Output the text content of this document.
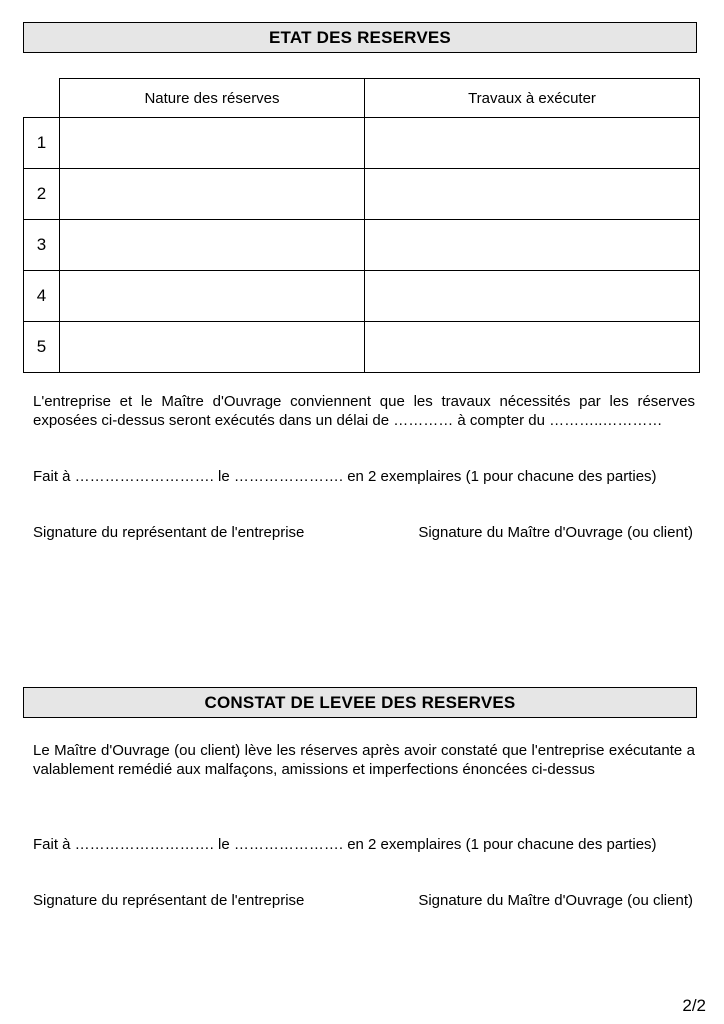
ETAT DES RESERVES
	Nature des réserves	Travaux à exécuter
1		
2		
3		
4		
5		
L'entreprise et le Maître d'Ouvrage conviennent que les travaux nécessités par les réserves exposées ci-dessus seront exécutés dans un délai de ………… à compter du ………..…………
Fait à ………………………. le …………………. en 2 exemplaires (1 pour chacune des parties)
Signature du représentant de l'entreprise	Signature du Maître d'Ouvrage (ou client)
CONSTAT DE LEVEE DES RESERVES
Le Maître d'Ouvrage (ou client) lève les réserves après avoir constaté que l'entreprise exécutante a valablement remédié aux malfaçons, amissions et imperfections énoncées ci-dessus
Fait à ………………………. le …………………. en 2 exemplaires (1 pour chacune des parties)
Signature du représentant de l'entreprise	Signature du Maître d'Ouvrage (ou client)
2/2
